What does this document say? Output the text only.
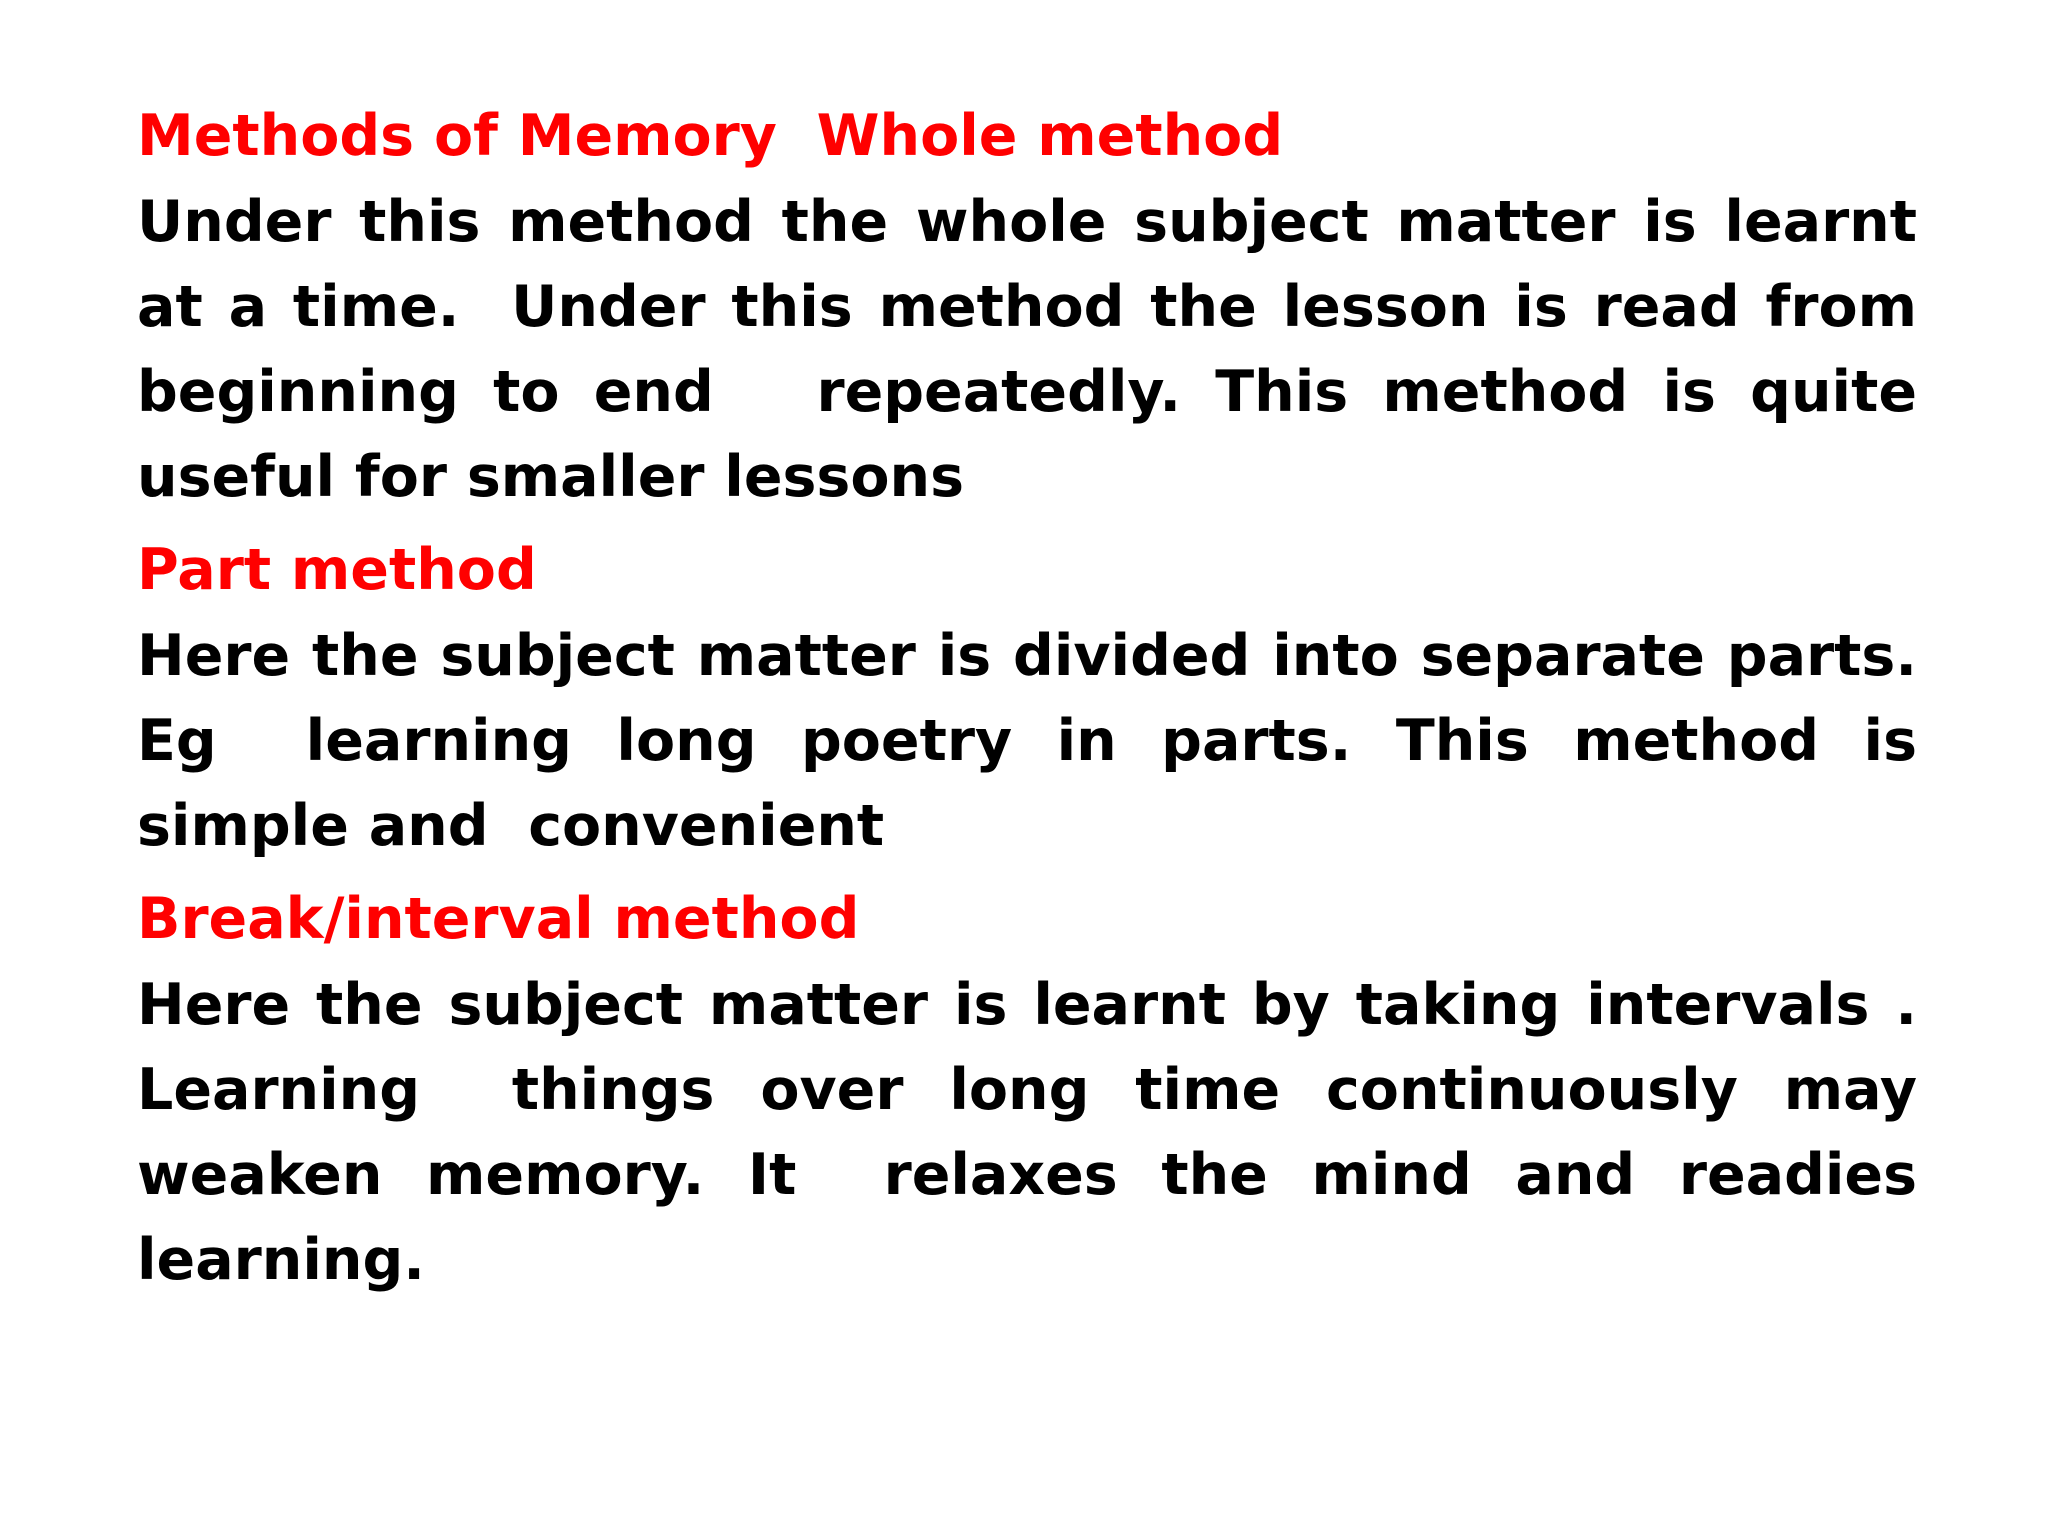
Methods of Memory  Whole method

Under this method the whole subject matter is learnt at a time.  Under this method the lesson is read from beginning to end   repeatedly. This method is quite useful for smaller lessons

Part method

Here the subject matter is divided into separate parts. Eg  learning long poetry in parts. This method is simple and  convenient

Break/interval method

Here the subject matter is learnt by taking intervals . Learning  things over long time continuously may weaken memory. It  relaxes the mind and readies learning.
